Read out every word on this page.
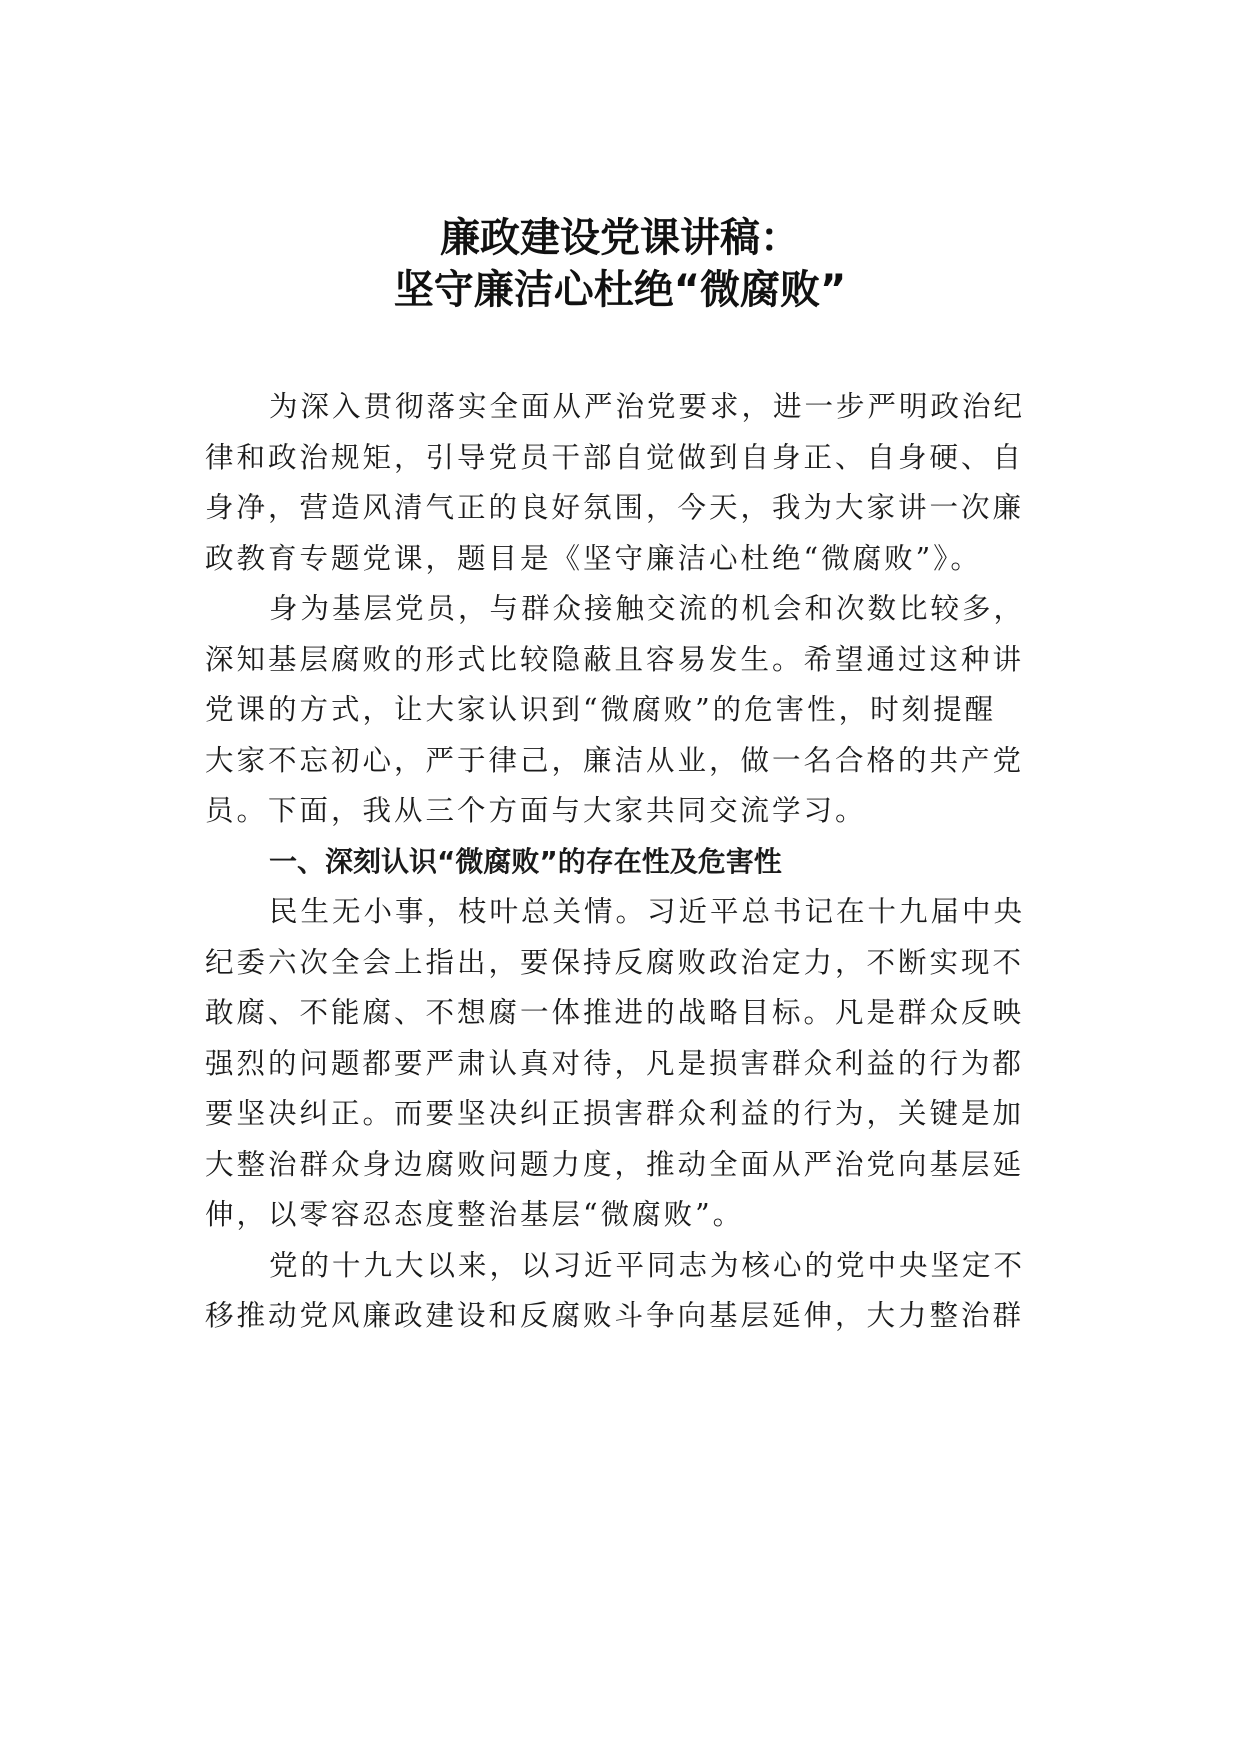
廉政建设党课讲稿：
坚守廉洁心杜绝“微腐败”
为深入贯彻落实全面从严治党要求，进一步严明政治纪
律和政治规矩，引导党员干部自觉做到自身正、自身硬、自
身净，营造风清气正的良好氛围，今天，我为大家讲一次廉
政教育专题党课，题目是《坚守廉洁心杜绝“微腐败”》。
身为基层党员，与群众接触交流的机会和次数比较多，
深知基层腐败的形式比较隐蔽且容易发生。希望通过这种讲
党课的方式，让大家认识到“微腐败”的危害性，时刻提醒
大家不忘初心，严于律己，廉洁从业，做一名合格的共产党
员。下面，我从三个方面与大家共同交流学习。
一、深刻认识“微腐败”的存在性及危害性
民生无小事，枝叶总关情。习近平总书记在十九届中央
纪委六次全会上指出，要保持反腐败政治定力，不断实现不
敢腐、不能腐、不想腐一体推进的战略目标。凡是群众反映
强烈的问题都要严肃认真对待，凡是损害群众利益的行为都
要坚决纠正。而要坚决纠正损害群众利益的行为，关键是加
大整治群众身边腐败问题力度，推动全面从严治党向基层延
伸，以零容忍态度整治基层“微腐败”。
党的十九大以来，以习近平同志为核心的党中央坚定不
移推动党风廉政建设和反腐败斗争向基层延伸，大力整治群
